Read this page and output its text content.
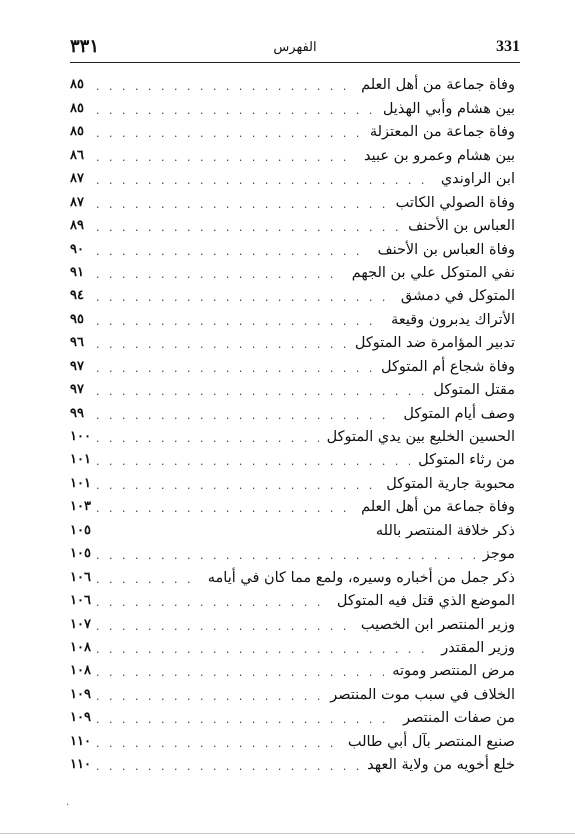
331
الفهرس
٣٣١
وفاة جماعة من أهل العلم
. . .
٨٥
بين هشام وأبي الهذيل
. . .
٨٥
وفاة جماعة من المعتزلة
. . .
٨٥
بين هشام وعمرو بن عبيد
. . .
٨٦
ابن الراوندي
. . .
٨٧
وفاة الصولي الكاتب
. . .
٨٧
العباس بن الأحنف
. . .
٨٩
وفاة العباس بن الأحنف
. . .
٩٠
نفي المتوكل علي بن الجهم
. . .
٩١
المتوكل في دمشق
. . .
٩٤
الأتراك يدبرون وقيعة
. . .
٩٥
تدبير المؤامرة ضد المتوكل
. . .
٩٦
وفاة شجاع أم المتوكل
. . .
٩٧
مقتل المتوكل
. . .
٩٧
وصف أيام المتوكل
. . .
٩٩
الحسين الخليع بين يدي المتوكل
. . .
١٠٠
من رثاء المتوكل
. . .
١٠١
محبوبة جارية المتوكل
. . .
١٠١
وفاة جماعة من أهل العلم
. . .
١٠٣
ذكر خلافة المنتصر بالله
١٠٥
موجز
. . .
١٠٥
ذكر جمل من أخباره وسيره، ولمع مما كان في أيامه
. . .
١٠٦
الموضع الذي قتل فيه المتوكل
. . .
١٠٦
وزير المنتصر ابن الخصيب
. . .
١٠٧
وزير المقتدر
. . .
١٠٨
مرض المنتصر وموته
. . .
١٠٨
الخلاف في سبب موت المنتصر
. . .
١٠٩
من صفات المنتصر
. . .
١٠٩
صنيع المنتصر بآل أبي طالب
. . .
١١٠
خلع أخويه من ولاية العهد
. . .
١١٠
·
